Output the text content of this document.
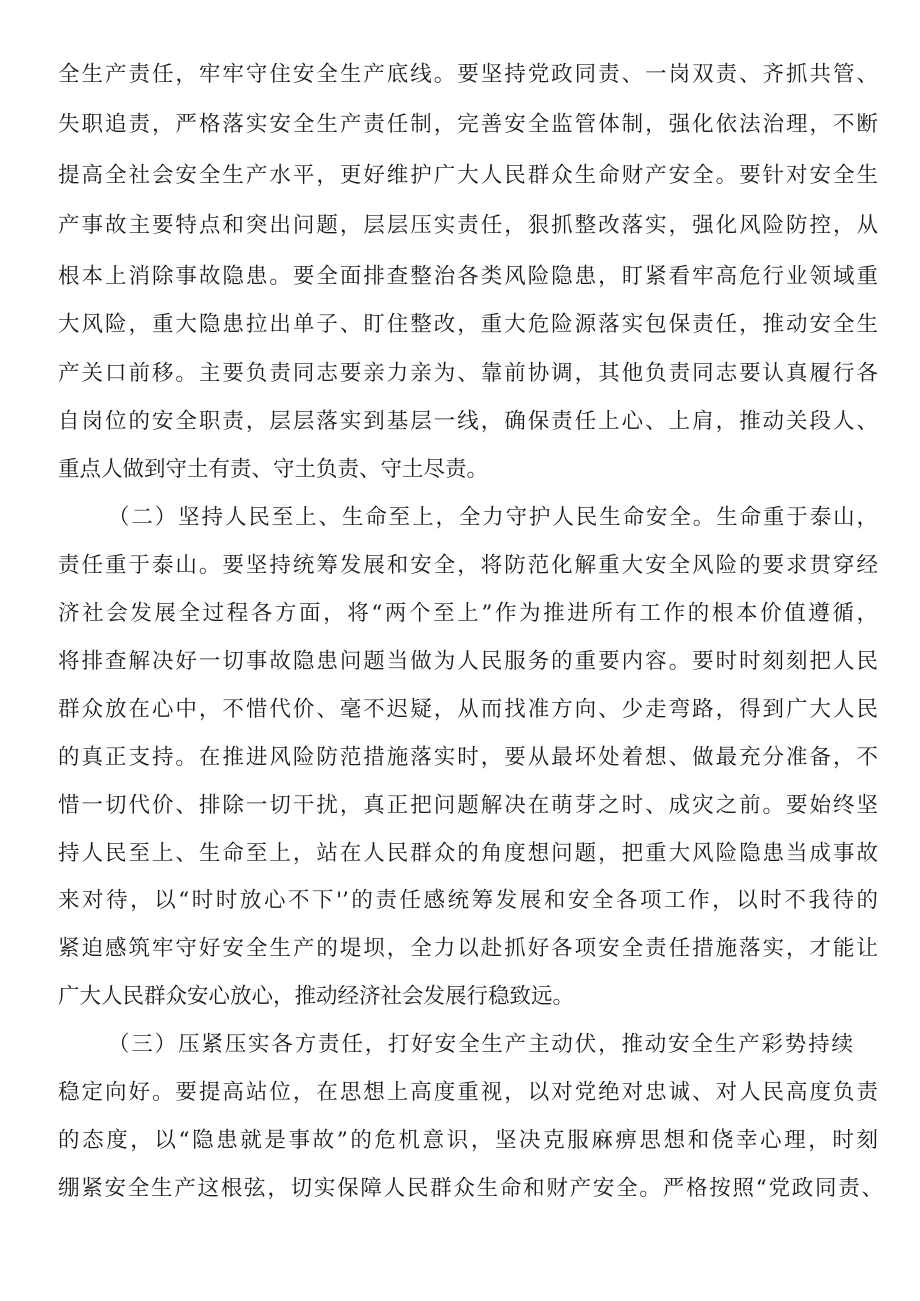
全生产责任，牢牢守住安全生产底线。要坚持党政同责、一岗双责、齐抓共管、
失职追责，严格落实安全生产责任制，完善安全监管体制，强化依法治理，不断
提高全社会安全生产水平，更好维护广大人民群众生命财产安全。要针对安全生
产事故主要特点和突出问题，层层压实责任，狠抓整改落实，强化风险防控，从
根本上消除事故隐患。要全面排查整治各类风险隐患，盯紧看牢高危行业领域重
大风险，重大隐患拉出单子、盯住整改，重大危险源落实包保责任，推动安全生
产关口前移。主要负责同志要亲力亲为、靠前协调，其他负责同志要认真履行各
自岗位的安全职责，层层落实到基层一线，确保责任上心、上肩，推动关段人、
重点人做到守土有责、守土负责、守土尽责。
（二）坚持人民至上、生命至上，全力守护人民生命安全。生命重于泰山，
责任重于泰山。要坚持统筹发展和安全，将防范化解重大安全风险的要求贯穿经
济社会发展全过程各方面，将“两个至上”作为推进所有工作的根本价值遵循，
将排查解决好一切事故隐患问题当做为人民服务的重要内容。要时时刻刻把人民
群众放在心中，不惜代价、毫不迟疑，从而找准方向、少走弯路，得到广大人民
的真正支持。在推进风险防范措施落实时，要从最坏处着想、做最充分准备，不
惜一切代价、排除一切干扰，真正把问题解决在萌芽之时、成灾之前。要始终坚
持人民至上、生命至上，站在人民群众的角度想问题，把重大风险隐患当成事故
来对待，以“时时放心不下'’的责任感统筹发展和安全各项工作，以时不我待的
紧迫感筑牢守好安全生产的堤坝，全力以赴抓好各项安全责任措施落实，才能让
广大人民群众安心放心，推动经济社会发展行稳致远。
（三）压紧压实各方责任，打好安全生产主动伏，推动安全生产彩势持续
稳定向好。要提高站位，在思想上高度重视，以对党绝对忠诚、对人民高度负责
的态度，以“隐患就是事故”的危机意识，坚决克服麻痹思想和侥幸心理，时刻
绷紧安全生产这根弦，切实保障人民群众生命和财产安全。严格按照“党政同责、
